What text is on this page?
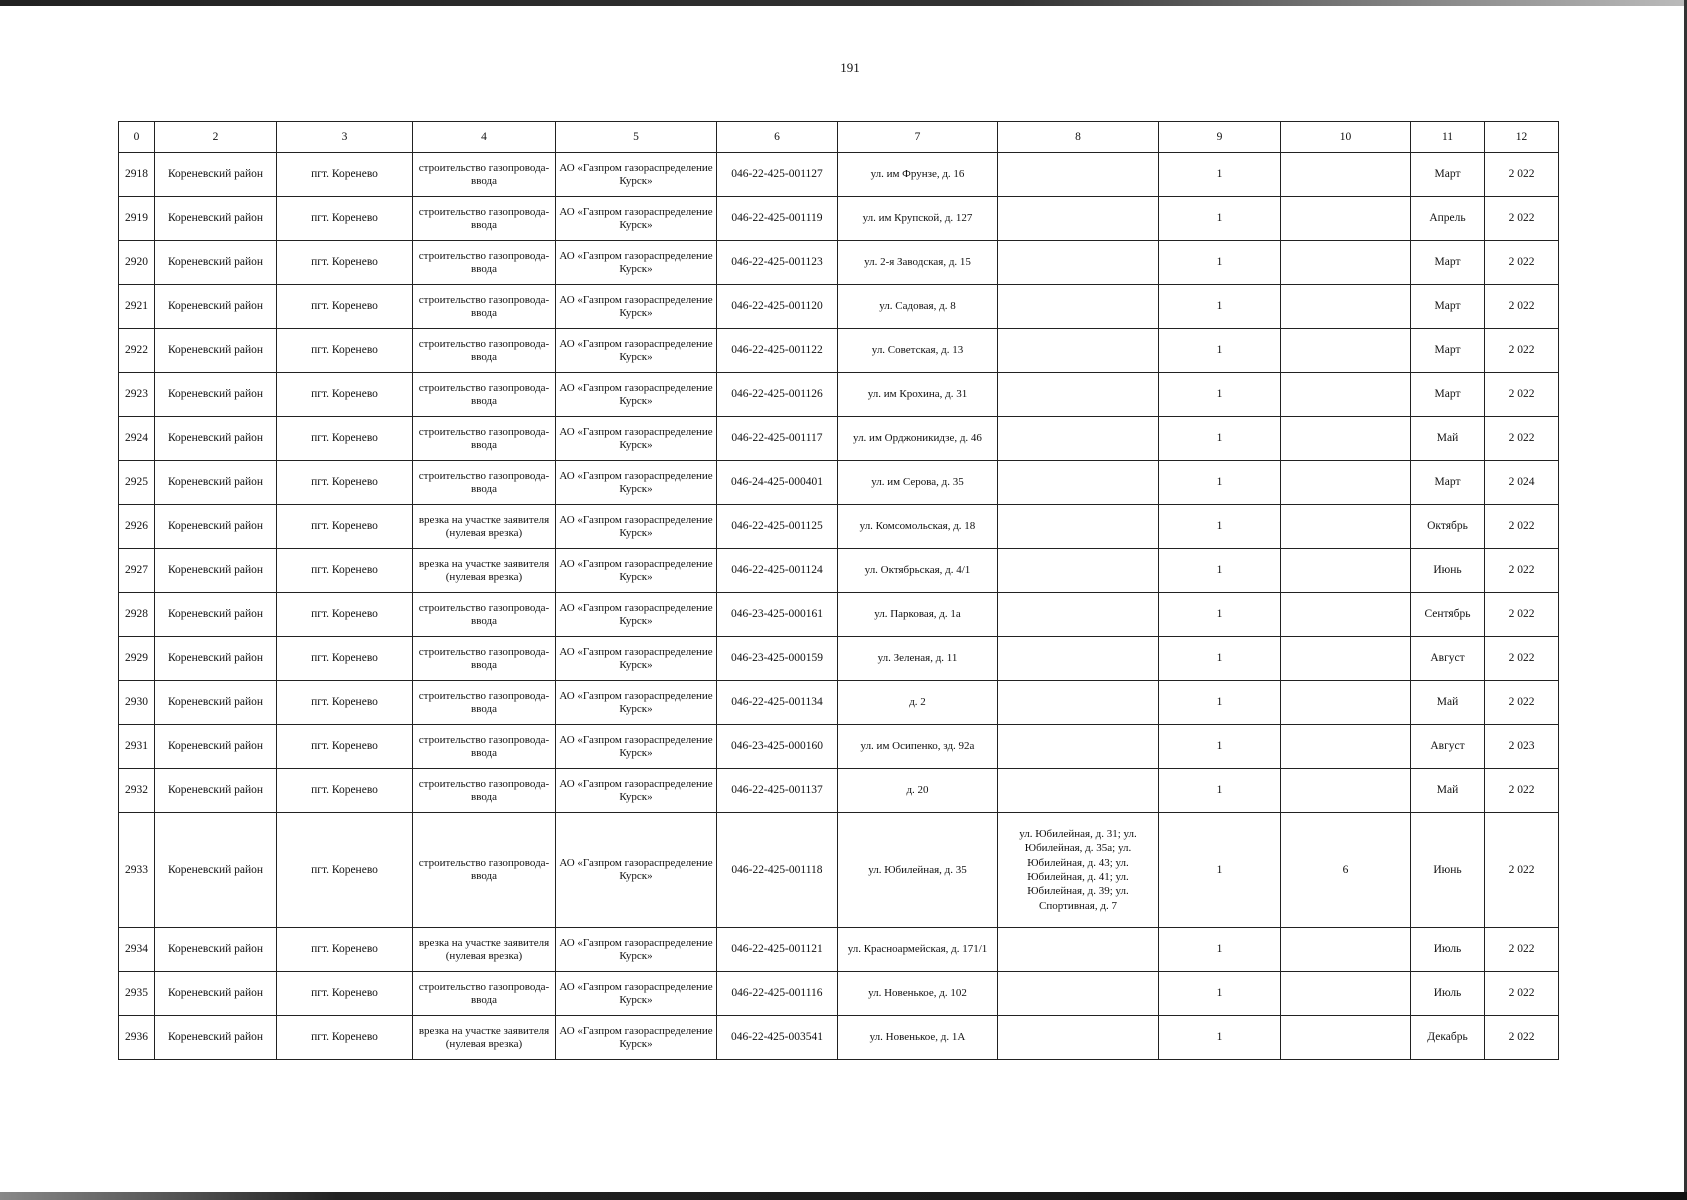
191
0	2	3	4	5	6	7	8	9	10	11	12
2918	Кореневский район	пгт. Коренево	строительство газопровода-ввода	АО «Газпром газораспределение Курск»	046-22-425-001127	ул. им Фрунзе, д. 16		1		Март	2 022
2919	Кореневский район	пгт. Коренево	строительство газопровода-ввода	АО «Газпром газораспределение Курск»	046-22-425-001119	ул. им Крупской, д. 127		1		Апрель	2 022
2920	Кореневский район	пгт. Коренево	строительство газопровода-ввода	АО «Газпром газораспределение Курск»	046-22-425-001123	ул. 2-я Заводская, д. 15		1		Март	2 022
2921	Кореневский район	пгт. Коренево	строительство газопровода-ввода	АО «Газпром газораспределение Курск»	046-22-425-001120	ул. Садовая, д. 8		1		Март	2 022
2922	Кореневский район	пгт. Коренево	строительство газопровода-ввода	АО «Газпром газораспределение Курск»	046-22-425-001122	ул. Советская, д. 13		1		Март	2 022
2923	Кореневский район	пгт. Коренево	строительство газопровода-ввода	АО «Газпром газораспределение Курск»	046-22-425-001126	ул. им Крохина, д. 31		1		Март	2 022
2924	Кореневский район	пгт. Коренево	строительство газопровода-ввода	АО «Газпром газораспределение Курск»	046-22-425-001117	ул. им Орджоникидзе, д. 46		1		Май	2 022
2925	Кореневский район	пгт. Коренево	строительство газопровода-ввода	АО «Газпром газораспределение Курск»	046-24-425-000401	ул. им Серова, д. 35		1		Март	2 024
2926	Кореневский район	пгт. Коренево	врезка на участке заявителя (нулевая врезка)	АО «Газпром газораспределение Курск»	046-22-425-001125	ул. Комсомольская, д. 18		1		Октябрь	2 022
2927	Кореневский район	пгт. Коренево	врезка на участке заявителя (нулевая врезка)	АО «Газпром газораспределение Курск»	046-22-425-001124	ул. Октябрьская, д. 4/1		1		Июнь	2 022
2928	Кореневский район	пгт. Коренево	строительство газопровода-ввода	АО «Газпром газораспределение Курск»	046-23-425-000161	ул. Парковая, д. 1а		1		Сентябрь	2 022
2929	Кореневский район	пгт. Коренево	строительство газопровода-ввода	АО «Газпром газораспределение Курск»	046-23-425-000159	ул. Зеленая, д. 11		1		Август	2 022
2930	Кореневский район	пгт. Коренево	строительство газопровода-ввода	АО «Газпром газораспределение Курск»	046-22-425-001134	д. 2		1		Май	2 022
2931	Кореневский район	пгт. Коренево	строительство газопровода-ввода	АО «Газпром газораспределение Курск»	046-23-425-000160	ул. им Осипенко, зд. 92а		1		Август	2 023
2932	Кореневский район	пгт. Коренево	строительство газопровода-ввода	АО «Газпром газораспределение Курск»	046-22-425-001137	д. 20		1		Май	2 022
2933	Кореневский район	пгт. Коренево	строительство газопровода-ввода	АО «Газпром газораспределение Курск»	046-22-425-001118	ул. Юбилейная, д. 35	ул. Юбилейная, д. 31; ул. Юбилейная, д. 35а; ул. Юбилейная, д. 43; ул. Юбилейная, д. 41; ул. Юбилейная, д. 39; ул. Спортивная, д. 7	1	6	Июнь	2 022
2934	Кореневский район	пгт. Коренево	врезка на участке заявителя (нулевая врезка)	АО «Газпром газораспределение Курск»	046-22-425-001121	ул. Красноармейская, д. 171/1		1		Июль	2 022
2935	Кореневский район	пгт. Коренево	строительство газопровода-ввода	АО «Газпром газораспределение Курск»	046-22-425-001116	ул. Новенькое, д. 102		1		Июль	2 022
2936	Кореневский район	пгт. Коренево	врезка на участке заявителя (нулевая врезка)	АО «Газпром газораспределение Курск»	046-22-425-003541	ул. Новенькое, д. 1А		1		Декабрь	2 022
